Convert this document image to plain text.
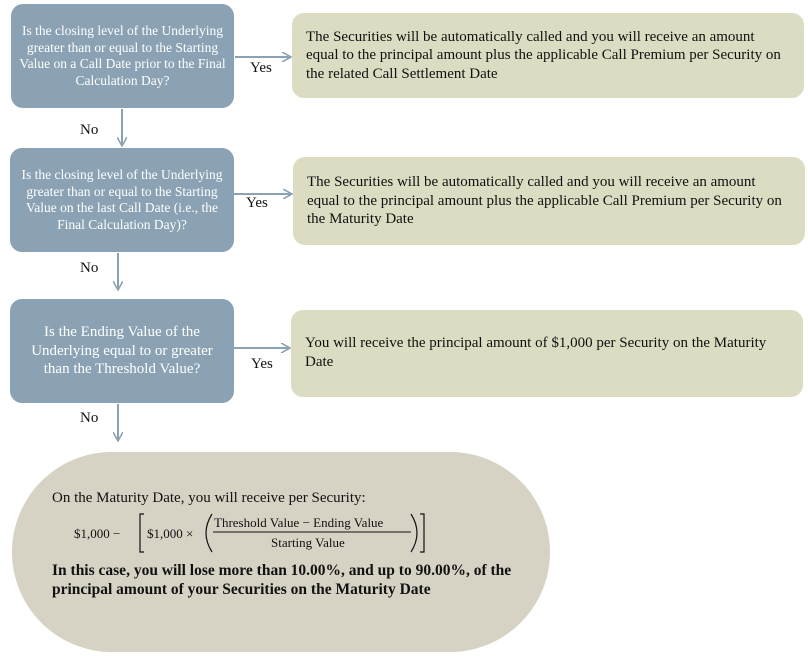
Is the closing level of the Underlying greater than or equal to the Starting Value on a Call Date prior to the Final Calculation Day?
Is the closing level of the Underlying greater than or equal to the Starting Value on the last Call Date (i.e., the Final Calculation Day)?
Is the Ending Value of the Underlying equal to or greater than the Threshold Value?
The Securities will be automatically called and you will receive an amount equal to the principal amount plus the applicable Call Premium per Security on the related Call Settlement Date
The Securities will be automatically called and you will receive an amount equal to the principal amount plus the applicable Call Premium per Security on the Maturity Date
You will receive the principal amount of $1,000 per Security on the Maturity Date
Yes
Yes
Yes
No
No
No
On the Maturity Date, you will receive per Security:
$1,000 − $1,000 ×
Threshold Value − Ending Value
Starting Value
In this case, you will lose more than 10.00%, and up to 90.00%, of the principal amount of your Securities on the Maturity Date
